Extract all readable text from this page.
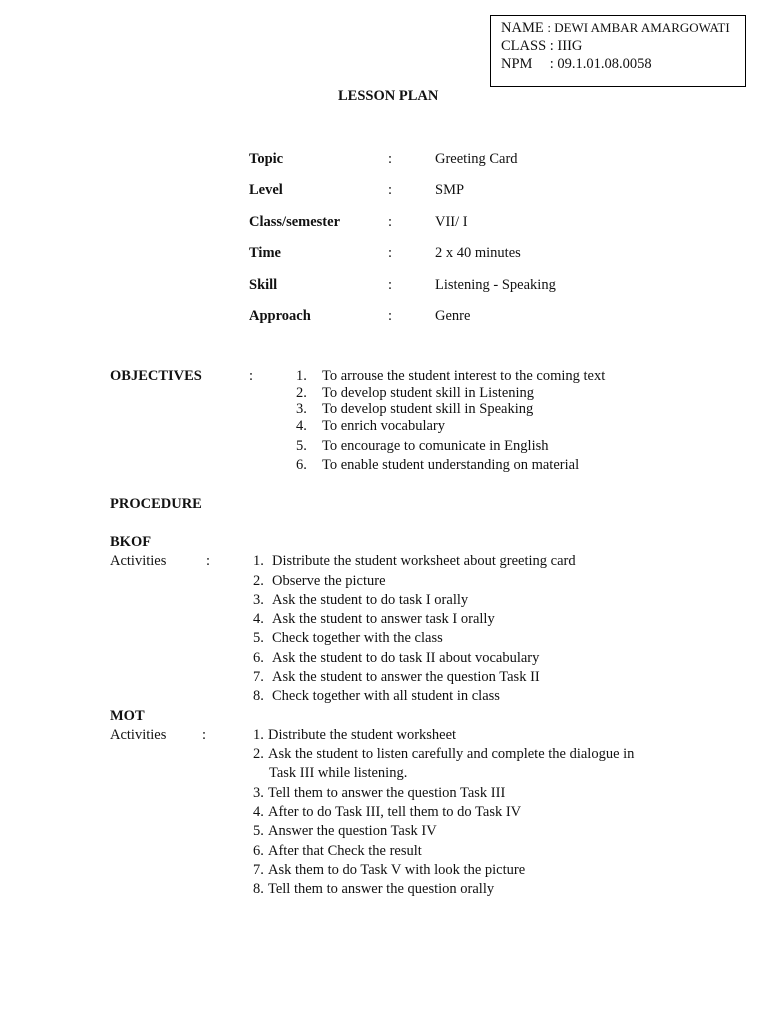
NAME : DEWI AMBAR AMARGOWATI
CLASS : IIIG
NPM : 09.1.01.08.0058
LESSON PLAN
Topic	:	Greeting Card
Level	:	SMP
Class/semester	:	VII/ I
Time	:	2 x 40 minutes
Skill	:	Listening - Speaking
Approach	:	Genre
OBJECTIVES	:	1. To arrouse the student interest to the coming text
2. To develop student skill in Listening
3. To develop student skill in Speaking
4. To enrich vocabulary
5. To encourage to comunicate in English
6. To enable student understanding on material
PROCEDURE
BKOF
Activities	:	1. Distribute the student worksheet about greeting card
2. Observe the picture
3. Ask the student to do task I orally
4. Ask the student to answer task I orally
5. Check together with the class
6. Ask the student to do task II about vocabulary
7. Ask the student to answer the question Task II
8. Check together with all student in class
MOT
Activities :	1. Distribute the student worksheet
2. Ask the student to listen carefully and complete the dialogue in
Task III while listening.
3. Tell them to answer the question Task III
4. After to do Task III, tell them to do Task IV
5. Answer the question Task IV
6. After that Check the result
7. Ask them to do Task V with look the picture
8. Tell them to answer the question orally
